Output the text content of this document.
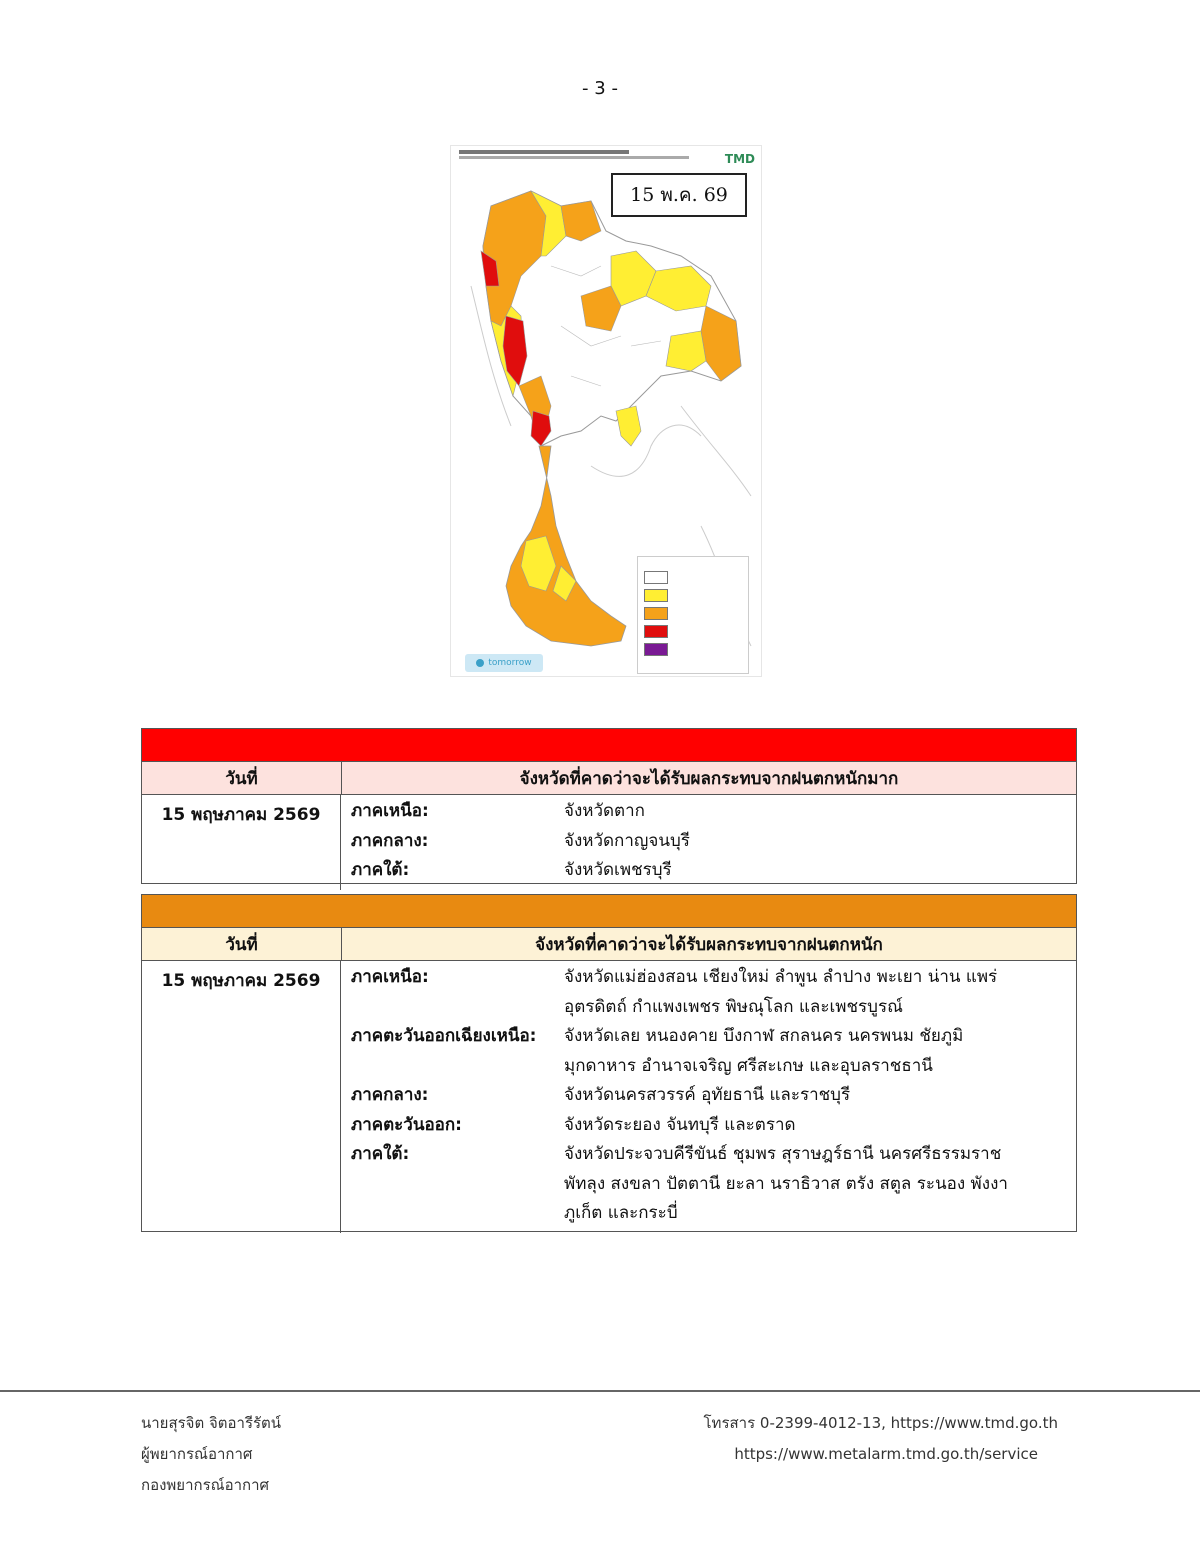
- 3 -
TMD
15 พ.ค. 69

tomorrow
วันที่	จังหวัดที่คาดว่าจะได้รับผลกระทบจากฝนตกหนักมาก
15 พฤษภาคม 2569	ภาคเหนือ:	จังหวัดตาก
ภาคกลาง:	จังหวัดกาญจนบุรี
ภาคใต้:	จังหวัดเพชรบุรี
วันที่	จังหวัดที่คาดว่าจะได้รับผลกระทบจากฝนตกหนัก
15 พฤษภาคม 2569	ภาคเหนือ:	จังหวัดแม่ฮ่องสอน เชียงใหม่ ลำพูน ลำปาง พะเยา น่าน แพร่
อุตรดิตถ์ กำแพงเพชร พิษณุโลก และเพชรบูรณ์
ภาคตะวันออกเฉียงเหนือ:	จังหวัดเลย หนองคาย บึงกาฬ สกลนคร นครพนม ชัยภูมิ
มุกดาหาร อำนาจเจริญ ศรีสะเกษ และอุบลราชธานี
ภาคกลาง:	จังหวัดนครสวรรค์ อุทัยธานี และราชบุรี
ภาคตะวันออก:	จังหวัดระยอง จันทบุรี และตราด
ภาคใต้:	จังหวัดประจวบคีรีขันธ์ ชุมพร สุราษฎร์ธานี นครศรีธรรมราช
พัทลุง สงขลา ปัตตานี ยะลา นราธิวาส ตรัง สตูล ระนอง พังงา
ภูเก็ต และกระบี่
นายสุรจิต จิตอารีรัตน์
ผู้พยากรณ์อากาศ
กองพยากรณ์อากาศ
โทรสาร 0-2399-4012-13, https://www.tmd.go.th
https://www.metalarm.tmd.go.th/service
